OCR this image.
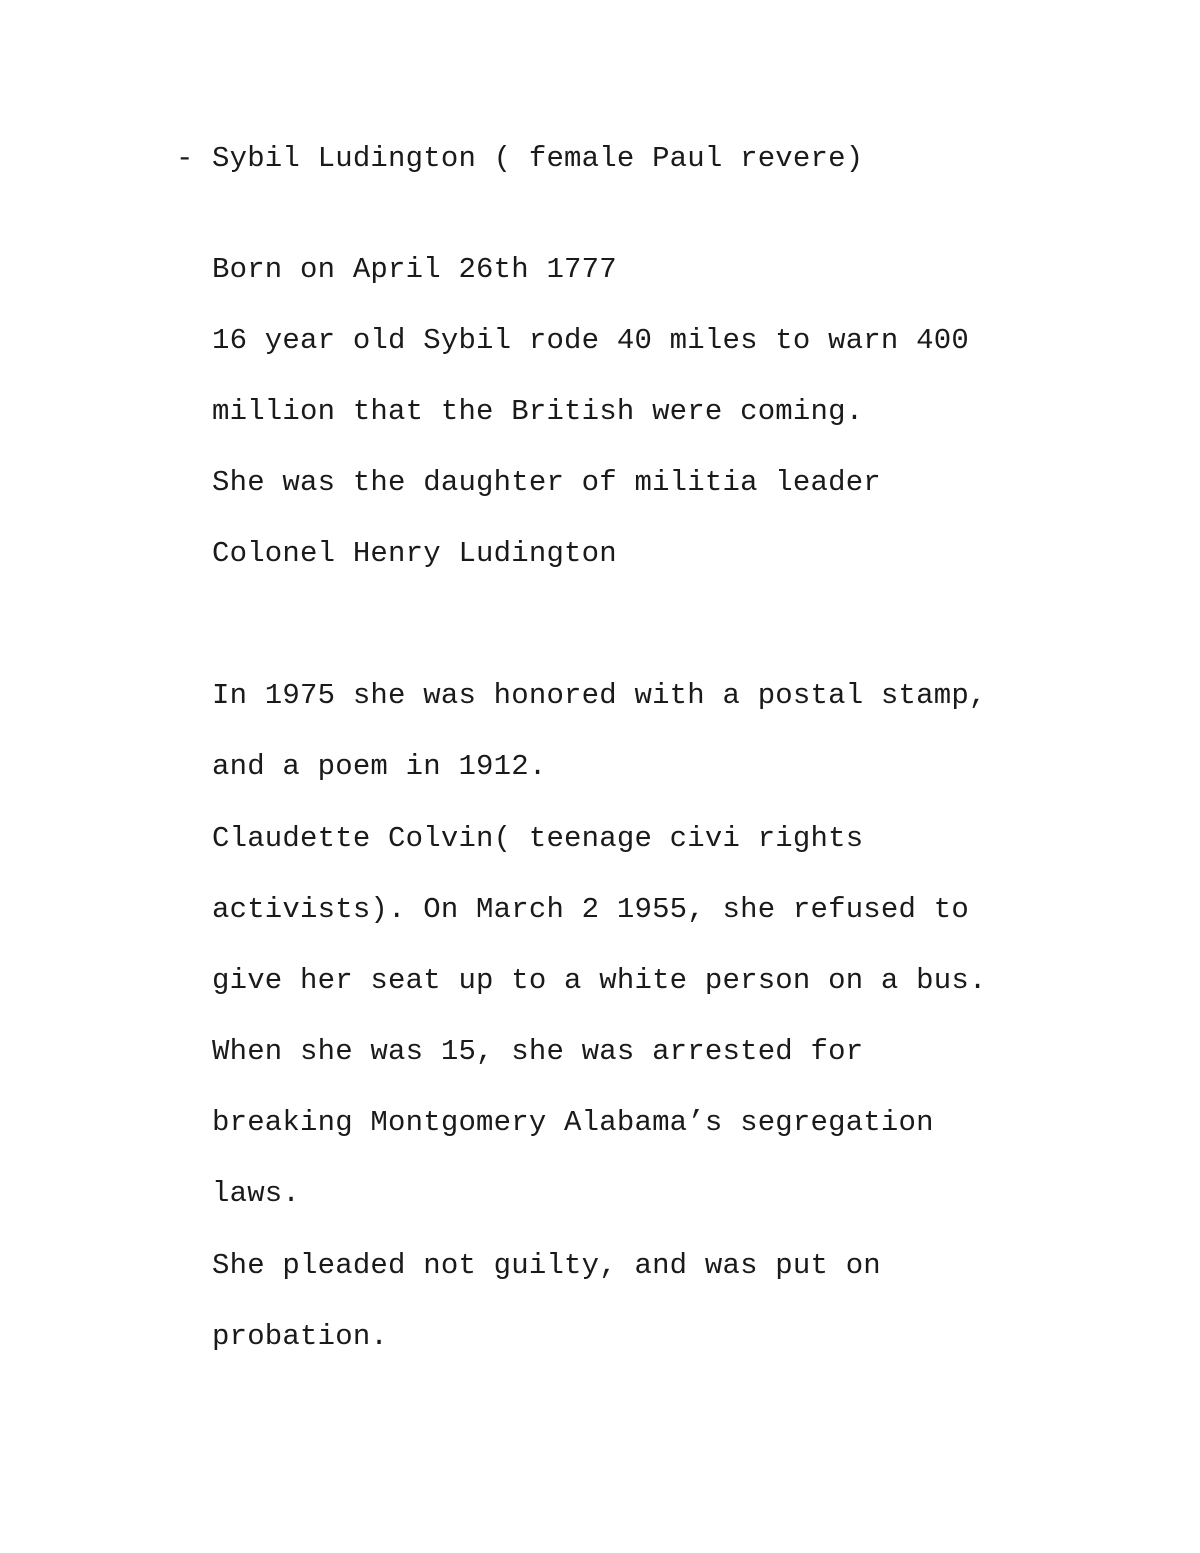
- Sybil Ludington ( female Paul revere)

Born on April 26th 1777

16 year old Sybil rode 40 miles to warn 400

million that the British were coming.

She was the daughter of militia leader

Colonel Henry Ludington

In 1975 she was honored with a postal stamp,

and a poem in 1912.

Claudette Colvin( teenage civi rights

activists). On March 2 1955, she refused to

give her seat up to a white person on a bus.

When she was 15, she was arrested for

breaking Montgomery Alabama’s segregation

laws.

She pleaded not guilty, and was put on

probation.
